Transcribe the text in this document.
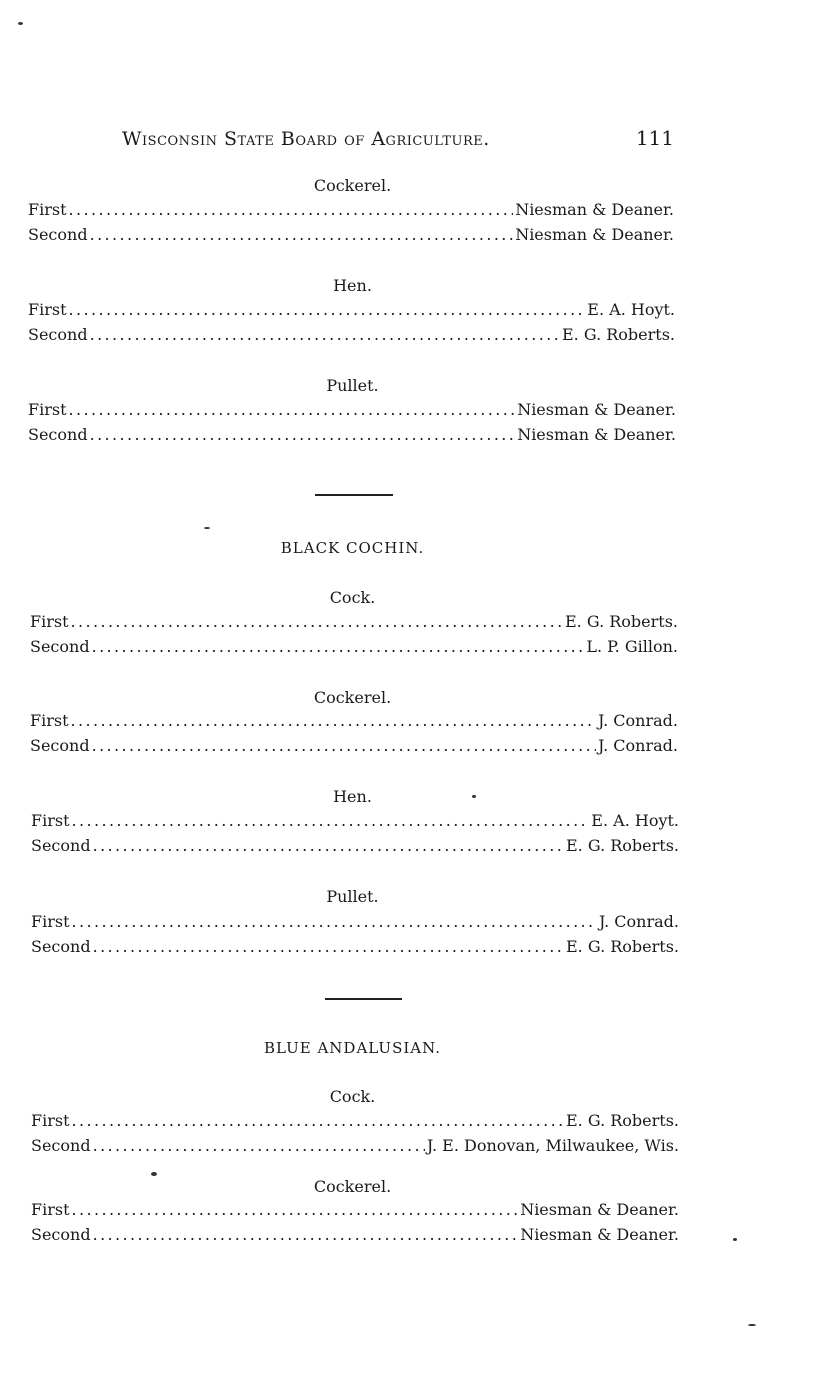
Wisconsin State Board of Agriculture.	111
Cockerel.
First .....	Niesman & Deaner.
Second .....	Niesman & Deaner.
Hen.
First .....	E. A. Hoyt.
Second .....	E. G. Roberts.
Pullet.
First .....	Niesman & Deaner.
Second .....	Niesman & Deaner.
BLACK COCHIN.
Cock.
First .....	E. G. Roberts.
Second .....	L. P. Gillon.
Cockerel.
First .....	J. Conrad.
Second .....	J. Conrad.
Hen.
First .....	E. A. Hoyt.
Second .....	E. G. Roberts.
Pullet.
First .....	J. Conrad.
Second .....	E. G. Roberts.
BLUE ANDALUSIAN.
Cock.
First .....	E. G. Roberts.
Second .....	J. E. Donovan, Milwaukee, Wis.
Cockerel.
First .....	Niesman & Deaner.
Second .....	Niesman & Deaner.
